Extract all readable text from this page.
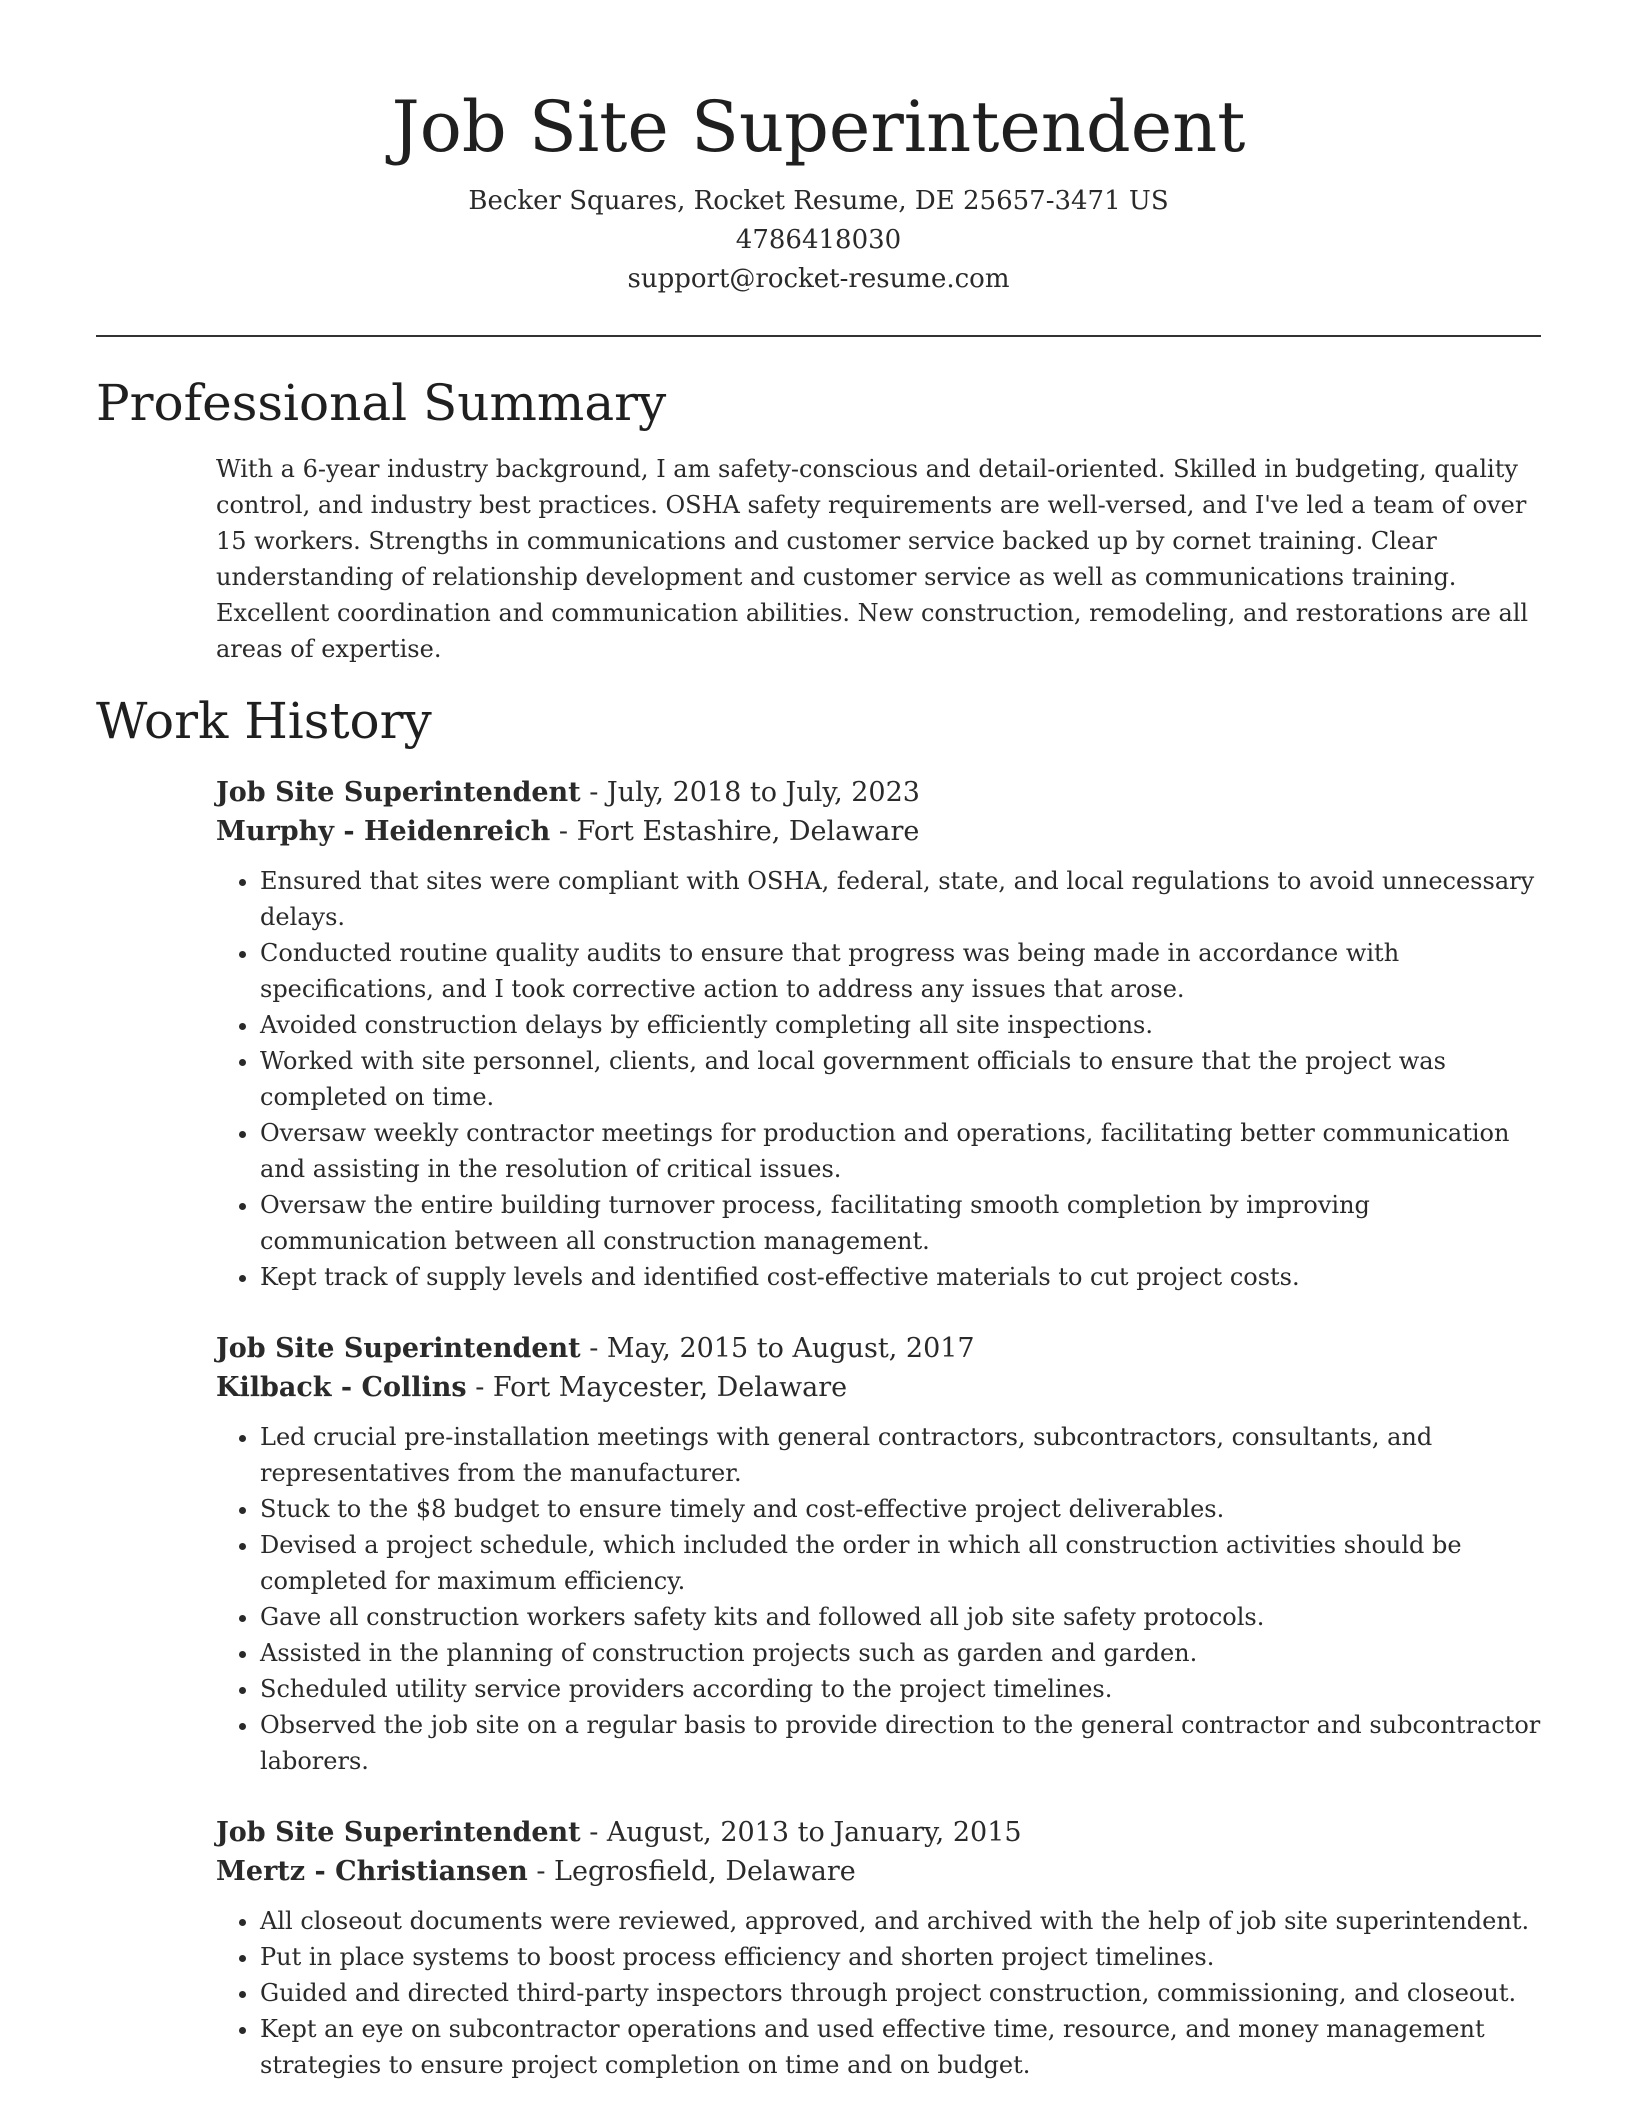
Job Site Superintendent
Becker Squares, Rocket Resume, DE 25657-3471 US
4786418030
support@rocket-resume.com
Professional Summary
With a 6-year industry background, I am safety-conscious and detail-oriented. Skilled in budgeting, quality control, and industry best practices. OSHA safety requirements are well-versed, and I've led a team of over 15 workers. Strengths in communications and customer service backed up by cornet training. Clear understanding of relationship development and customer service as well as communications training. Excellent coordination and communication abilities. New construction, remodeling, and restorations are all areas of expertise.
Work History
Job Site Superintendent - July, 2018 to July, 2023
Murphy - Heidenreich - Fort Estashire, Delaware
• Ensured that sites were compliant with OSHA, federal, state, and local regulations to avoid unnecessary delays.
• Conducted routine quality audits to ensure that progress was being made in accordance with specifications, and I took corrective action to address any issues that arose.
• Avoided construction delays by efficiently completing all site inspections.
• Worked with site personnel, clients, and local government officials to ensure that the project was completed on time.
• Oversaw weekly contractor meetings for production and operations, facilitating better communication and assisting in the resolution of critical issues.
• Oversaw the entire building turnover process, facilitating smooth completion by improving communication between all construction management.
• Kept track of supply levels and identified cost-effective materials to cut project costs.
Job Site Superintendent - May, 2015 to August, 2017
Kilback - Collins - Fort Maycester, Delaware
• Led crucial pre-installation meetings with general contractors, subcontractors, consultants, and representatives from the manufacturer.
• Stuck to the $8 budget to ensure timely and cost-effective project deliverables.
• Devised a project schedule, which included the order in which all construction activities should be completed for maximum efficiency.
• Gave all construction workers safety kits and followed all job site safety protocols.
• Assisted in the planning of construction projects such as garden and garden.
• Scheduled utility service providers according to the project timelines.
• Observed the job site on a regular basis to provide direction to the general contractor and subcontractor laborers.
Job Site Superintendent - August, 2013 to January, 2015
Mertz - Christiansen - Legrosfield, Delaware
• All closeout documents were reviewed, approved, and archived with the help of job site superintendent.
• Put in place systems to boost process efficiency and shorten project timelines.
• Guided and directed third-party inspectors through project construction, commissioning, and closeout.
• Kept an eye on subcontractor operations and used effective time, resource, and money management strategies to ensure project completion on time and on budget.
